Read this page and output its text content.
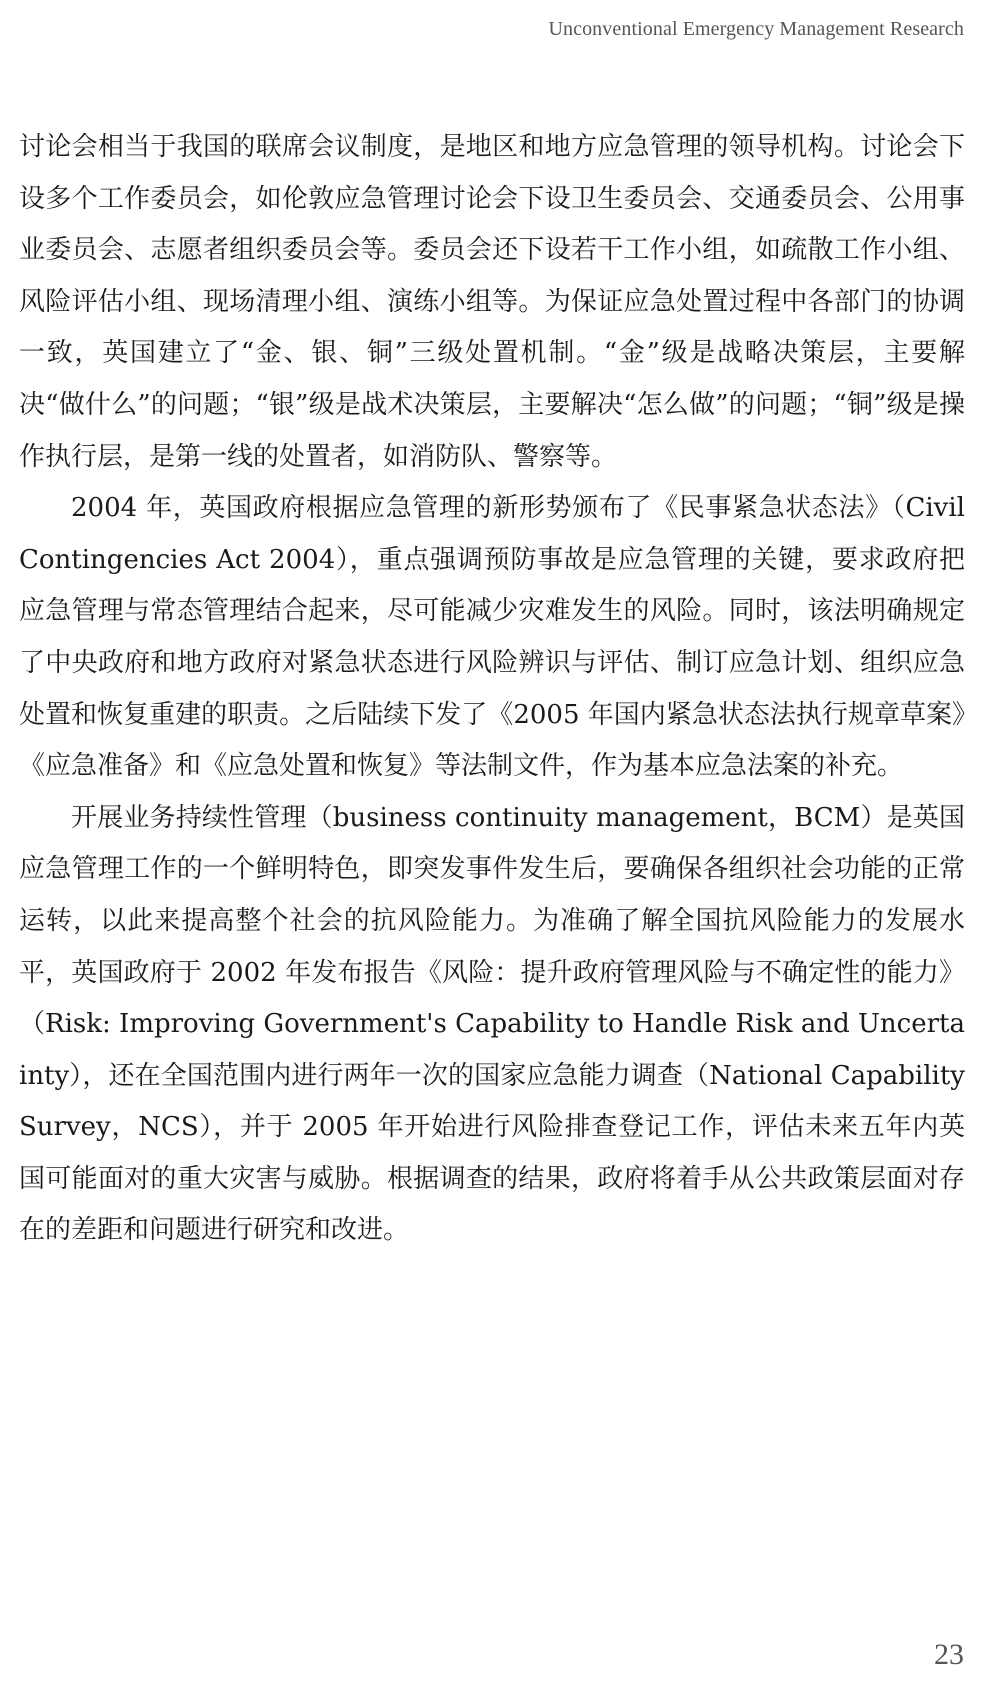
Unconventional Emergency Management Research

讨论会相当于我国的联席会议制度，是地区和地方应急管理的领导机构。讨论会下设多个工作委员会，如伦敦应急管理讨论会下设卫生委员会、交通委员会、公用事业委员会、志愿者组织委员会等。委员会还下设若干工作小组，如疏散工作小组、风险评估小组、现场清理小组、演练小组等。为保证应急处置过程中各部门的协调一致，英国建立了“金、银、铜”三级处置机制。“金”级是战略决策层，主要解决“做什么”的问题；“银”级是战术决策层，主要解决“怎么做”的问题；“铜”级是操作执行层，是第一线的处置者，如消防队、警察等。

2004 年，英国政府根据应急管理的新形势颁布了《民事紧急状态法》（Civil Contingencies Act 2004），重点强调预防事故是应急管理的关键，要求政府把应急管理与常态管理结合起来，尽可能减少灾难发生的风险。同时，该法明确规定了中央政府和地方政府对紧急状态进行风险辨识与评估、制订应急计划、组织应急处置和恢复重建的职责。之后陆续下发了《2005 年国内紧急状态法执行规章草案》《应急准备》和《应急处置和恢复》等法制文件，作为基本应急法案的补充。

开展业务持续性管理（business continuity management，BCM）是英国应急管理工作的一个鲜明特色，即突发事件发生后，要确保各组织社会功能的正常运转，以此来提高整个社会的抗风险能力。为准确了解全国抗风险能力的发展水平，英国政府于 2002 年发布报告《风险：提升政府管理风险与不确定性的能力》（Risk: Improving Government's Capability to Handle Risk and Uncertainty），还在全国范围内进行两年一次的国家应急能力调查（National Capability Survey，NCS），并于 2005 年开始进行风险排查登记工作，评估未来五年内英国可能面对的重大灾害与威胁。根据调查的结果，政府将着手从公共政策层面对存在的差距和问题进行研究和改进。

23
